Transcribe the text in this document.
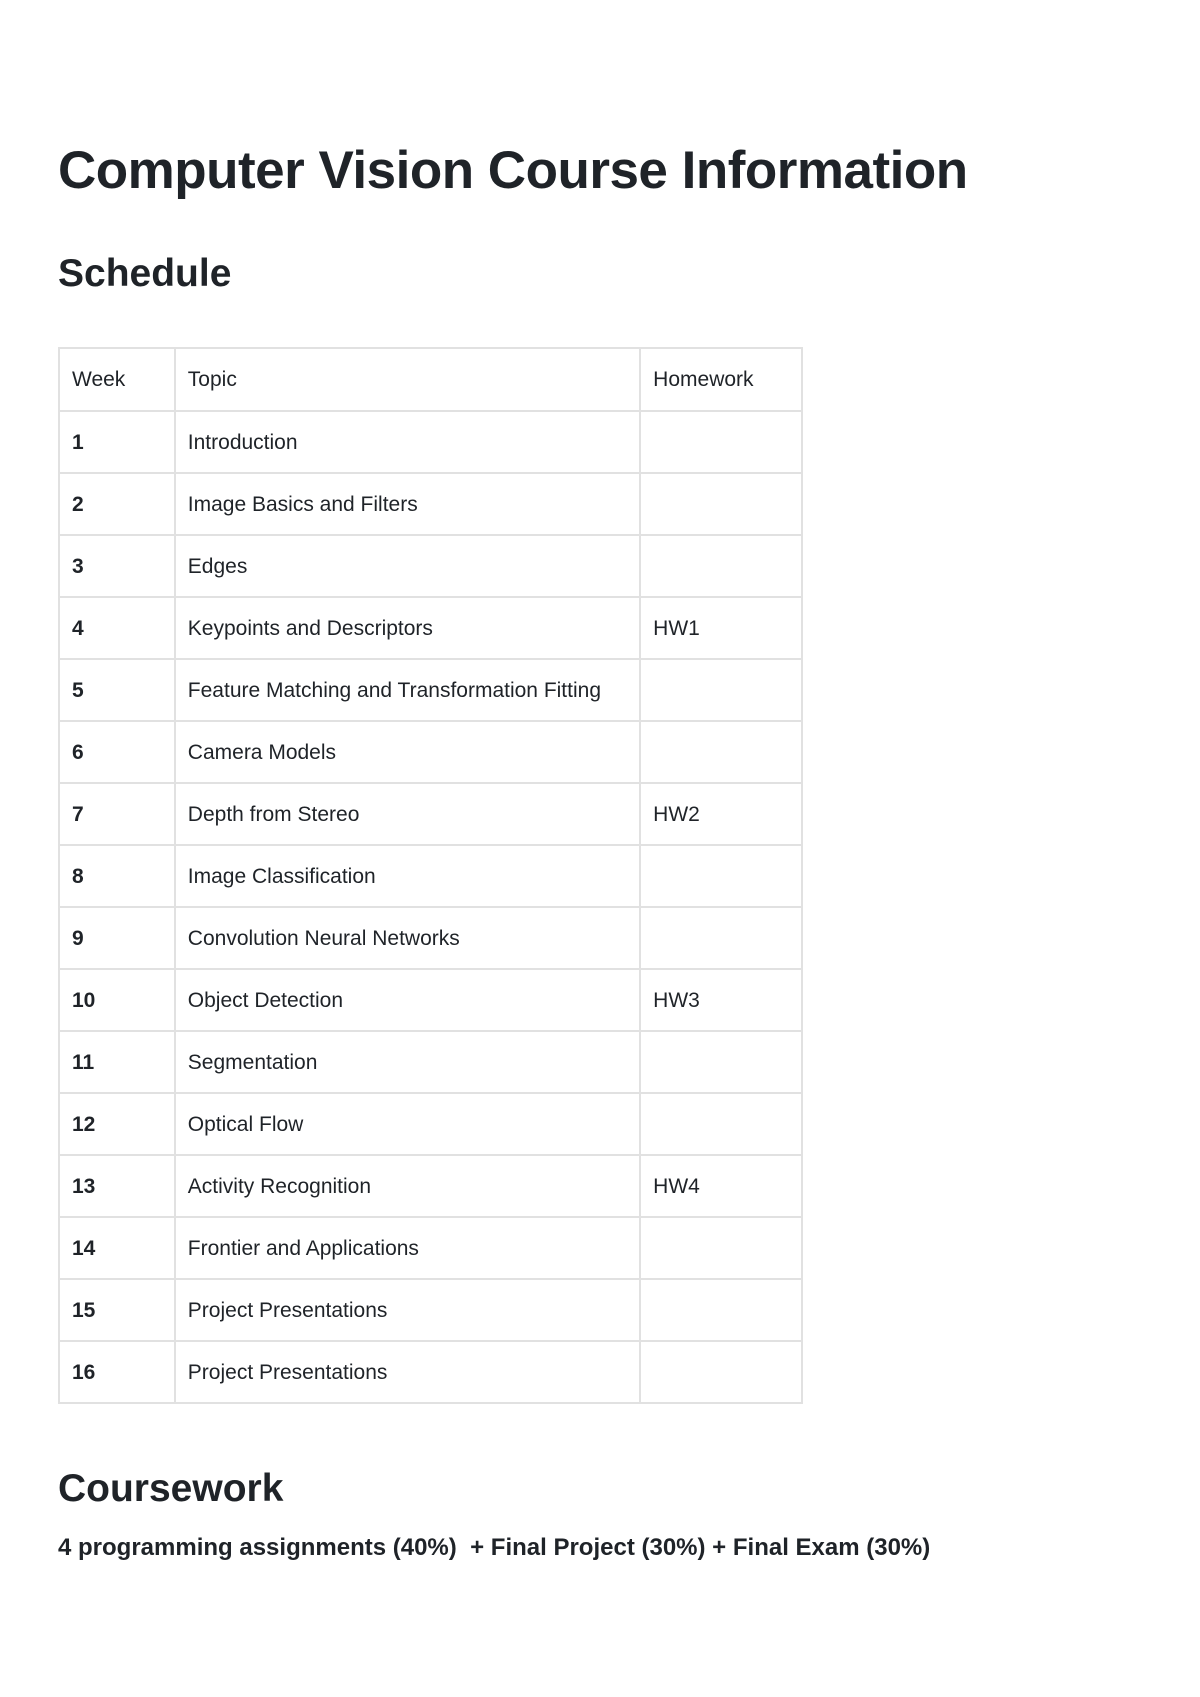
Computer Vision Course Information
Schedule
Week	Topic	Homework
1	Introduction	
2	Image Basics and Filters	
3	Edges	
4	Keypoints and Descriptors	HW1
5	Feature Matching and Transformation Fitting	
6	Camera Models	
7	Depth from Stereo	HW2
8	Image Classification	
9	Convolution Neural Networks	
10	Object Detection	HW3
11	Segmentation	
12	Optical Flow	
13	Activity Recognition	HW4
14	Frontier and Applications	
15	Project Presentations	
16	Project Presentations	
Coursework

4 programming assignments (40%)  + Final Project (30%) + Final Exam (30%)
